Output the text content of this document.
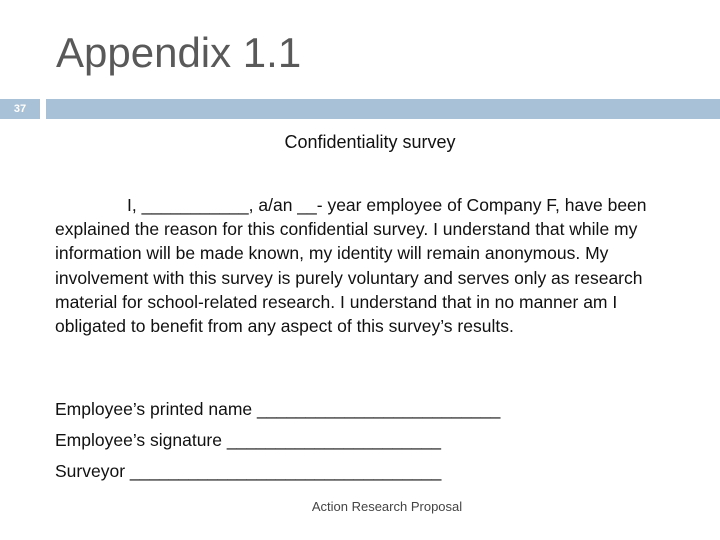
Appendix 1.1
37
Confidentiality survey

I, ___________, a/an __- year employee of Company F, have been explained the reason for this confidential survey. I understand that while my information will be made known, my identity will remain anonymous. My involvement with this survey is purely voluntary and serves only as research material for school-related research. I understand that in no manner am I obligated to benefit from any aspect of this survey’s results.

Employee’s printed name _________________________
Employee’s signature ______________________
Surveyor ________________________________
Action Research Proposal
